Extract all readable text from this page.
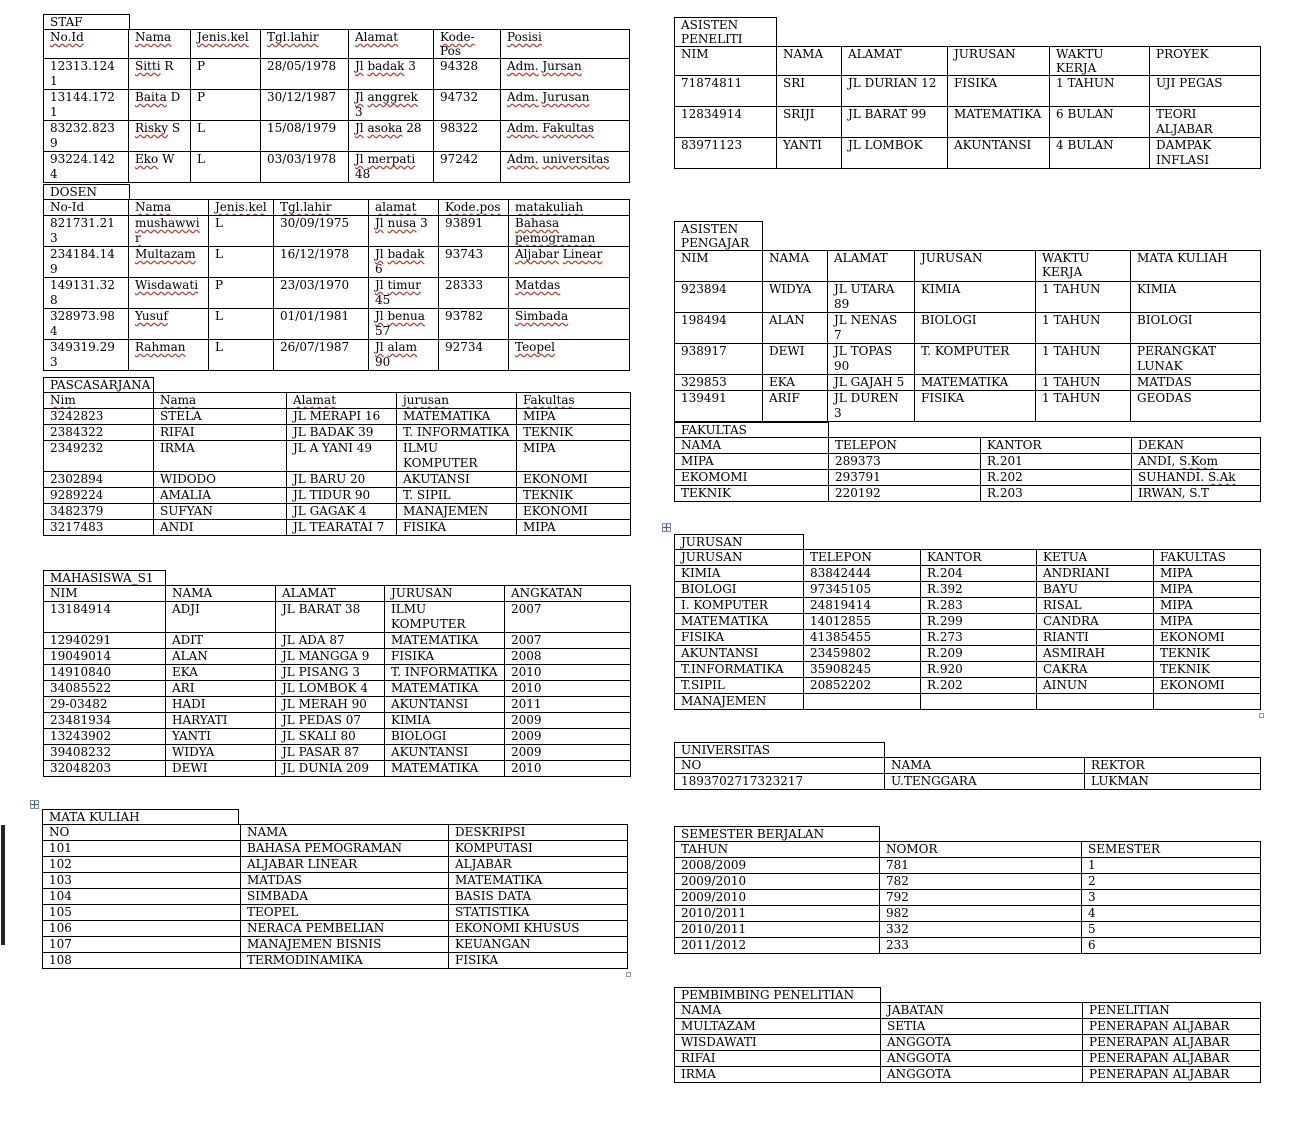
STAF
No.Id	Nama	Jenis.kel	Tgl.lahir	Alamat	Kode-Pos	Posisi
12313.1241	Sitti R	P	28/05/1978	Jl badak 3	94328	Adm. Jursan
13144.1721	Baita D	P	30/12/1987	Jl anggrek 3	94732	Adm. Jurusan
83232.8239	Risky S	L	15/08/1979	Jl asoka 28	98322	Adm. Fakultas
93224.1424	Eko W	L	03/03/1978	Jl merpati 48	97242	Adm. universitas
DOSEN
No-Id	Nama	Jenis.kel	Tgl.lahir	alamat	Kode.pos	matakuliah
821731.213	mushawwir	L	30/09/1975	Jl nusa 3	93891	Bahasa pemograman
234184.149	Multazam	L	16/12/1978	Jl badak 6	93743	Aljabar Linear
149131.328	Wisdawati	P	23/03/1970	Jl timur 45	28333	Matdas
328973.984	Yusuf	L	01/01/1981	Jl benua 57	93782	Simbada
349319.293	Rahman	L	26/07/1987	Jl alam 90	92734	Teopel
PASCASARJANA
Nim	Nama	Alamat	jurusan	Fakultas
3242823	STELA	JL MERAPI 16	MATEMATIKA	MIPA
2384322	RIFAI	JL BADAK 39	T. INFORMATIKA	TEKNIK
2349232	IRMA	JL A YANI 49	ILMU KOMPUTER	MIPA
2302894	WIDODO	JL BARU 20	AKUTANSI	EKONOMI
9289224	AMALIA	JL TIDUR 90	T. SIPIL	TEKNIK
3482379	SUFYAN	JL GAGAK 4	MANAJEMEN	EKONOMI
3217483	ANDI	JL TEARATAI 7	FISIKA	MIPA
MAHASISWA_S1
NIM	NAMA	ALAMAT	JURUSAN	ANGKATAN
13184914	ADJI	JL BARAT 38	ILMU KOMPUTER	2007
12940291	ADIT	JL ADA 87	MATEMATIKA	2007
19049014	ALAN	JL MANGGA 9	FISIKA	2008
14910840	EKA	JL PISANG 3	T. INFORMATIKA	2010
34085522	ARI	JL LOMBOK 4	MATEMATIKA	2010
29-03482	HADI	JL MERAH 90	AKUNTANSI	2011
23481934	HARYATI	JL PEDAS 07	KIMIA	2009
13243902	YANTI	JL SKALI 80	BIOLOGI	2009
39408232	WIDYA	JL PASAR 87	AKUNTANSI	2009
32048203	DEWI	JL DUNIA 209	MATEMATIKA	2010
MATA KULIAH
NO	NAMA	DESKRIPSI
101	BAHASA PEMOGRAMAN	KOMPUTASI
102	ALJABAR LINEAR	ALJABAR
103	MATDAS	MATEMATIKA
104	SIMBADA	BASIS DATA
105	TEOPEL	STATISTIKA
106	NERACA PEMBELIAN	EKONOMI KHUSUS
107	MANAJEMEN BISNIS	KEUANGAN
108	TERMODINAMIKA	FISIKA
ASISTEN PENELITI
NIM	NAMA	ALAMAT	JURUSAN	WAKTU KERJA	PROYEK
71874811	SRI	JL DURIAN 12	FISIKA	1 TAHUN	UJI PEGAS
12834914	SRIJI	JL BARAT 99	MATEMATIKA	6 BULAN	TEORI ALJABAR
83971123	YANTI	JL LOMBOK	AKUNTANSI	4 BULAN	DAMPAK INFLASI
ASISTEN PENGAJAR
NIM	NAMA	ALAMAT	JURUSAN	WAKTU KERJA	MATA KULIAH
923894	WIDYA	JL UTARA 89	KIMIA	1 TAHUN	KIMIA
198494	ALAN	JL NENAS 7	BIOLOGI	1 TAHUN	BIOLOGI
938917	DEWI	JL TOPAS 90	T. KOMPUTER	1 TAHUN	PERANGKAT LUNAK
329853	EKA	JL GAJAH 5	MATEMATIKA	1 TAHUN	MATDAS
139491	ARIF	JL DUREN 3	FISIKA	1 TAHUN	GEODAS
FAKULTAS
NAMA	TELEPON	KANTOR	DEKAN
MIPA	289373	R.201	ANDI, S.Kom
EKOMOMI	293791	R.202	SUHANDI. S.Ak
TEKNIK	220192	R.203	IRWAN, S.T
JURUSAN
JURUSAN	TELEPON	KANTOR	KETUA	FAKULTAS
KIMIA	83842444	R.204	ANDRIANI	MIPA
BIOLOGI	97345105	R.392	BAYU	MIPA
I. KOMPUTER	24819414	R.283	RISAL	MIPA
MATEMATIKA	14012855	R.299	CANDRA	MIPA
FISIKA	41385455	R.273	RIANTI	EKONOMI
AKUNTANSI	23459802	R.209	ASMIRAH	TEKNIK
T.INFORMATIKA	35908245	R.920	CAKRA	TEKNIK
T.SIPIL	20852202	R.202	AINUN	EKONOMI
MANAJEMEN				
UNIVERSITAS
NO	NAMA	REKTOR
1893702717323217	U.TENGGARA	LUKMAN
SEMESTER BERJALAN
TAHUN	NOMOR	SEMESTER
2008/2009	781	1
2009/2010	782	2
2009/2010	792	3
2010/2011	982	4
2010/2011	332	5
2011/2012	233	6
PEMBIMBING PENELITIAN
NAMA	JABATAN	PENELITIAN
MULTAZAM	SETIA	PENERAPAN ALJABAR
WISDAWATI	ANGGOTA	PENERAPAN ALJABAR
RIFAI	ANGGOTA	PENERAPAN ALJABAR
IRMA	ANGGOTA	PENERAPAN ALJABAR
